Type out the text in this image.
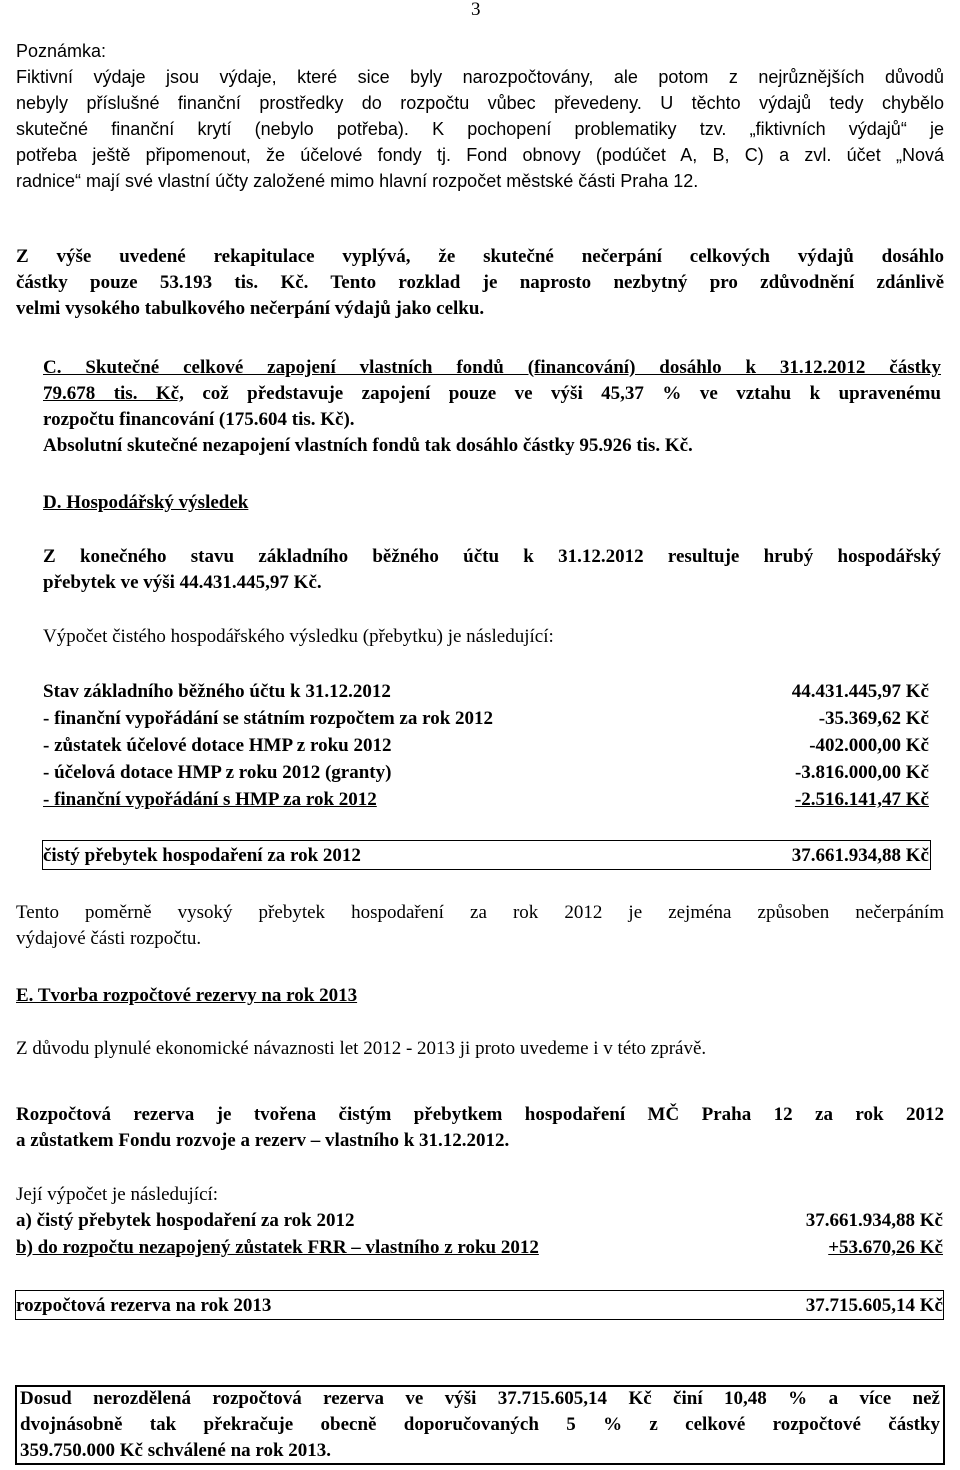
3
Poznámka:
Fiktivní výdaje jsou výdaje, které sice byly narozpočtovány, ale potom z nejrůznějších důvodů
nebyly příslušné finanční prostředky do rozpočtu vůbec převedeny. U těchto výdajů tedy chybělo
skutečné finanční krytí (nebylo potřeba). K pochopení problematiky tzv. „fiktivních výdajů“ je
potřeba ještě připomenout, že účelové fondy tj. Fond obnovy (podúčet A, B, C) a zvl. účet „Nová
radnice“ mají své vlastní účty založené mimo hlavní rozpočet městské části Praha 12.
Z výše uvedené rekapitulace vyplývá, že skutečné nečerpání celkových výdajů dosáhlo
částky pouze 53.193 tis. Kč. Tento rozklad je naprosto nezbytný pro zdůvodnění zdánlivě
velmi vysokého tabulkového nečerpání výdajů jako celku.
C. Skutečné celkové zapojení vlastních fondů (financování) dosáhlo k 31.12.2012 částky
79.678 tis. Kč, což představuje zapojení pouze ve výši 45,37 % ve vztahu k upravenému
rozpočtu financování (175.604 tis. Kč).
Absolutní skutečné nezapojení vlastních fondů tak dosáhlo částky 95.926 tis. Kč.
D. Hospodářský výsledek
Z konečného stavu základního běžného účtu k 31.12.2012 resultuje hrubý hospodářský
přebytek ve výši 44.431.445,97 Kč.
Výpočet čistého hospodářského výsledku (přebytku) je následující:
Stav základního běžného účtu k 31.12.2012	44.431.445,97 Kč
- finanční vypořádání se státním rozpočtem za rok 2012	-35.369,62 Kč
- zůstatek účelové dotace HMP z roku 2012	-402.000,00 Kč
- účelová dotace HMP z roku 2012 (granty)	-3.816.000,00 Kč
- finanční vypořádání s HMP za rok 2012	-2.516.141,47 Kč
čistý přebytek hospodaření za rok 2012	37.661.934,88 Kč
Tento poměrně vysoký přebytek hospodaření za rok 2012 je zejména způsoben nečerpáním
výdajové části rozpočtu.
E. Tvorba rozpočtové rezervy na rok 2013
Z důvodu plynulé ekonomické návaznosti let 2012 - 2013 ji proto uvedeme i v této zprávě.
Rozpočtová rezerva je tvořena čistým přebytkem hospodaření MČ Praha 12 za rok 2012
a zůstatkem Fondu rozvoje a rezerv – vlastního k 31.12.2012.
Její výpočet je následující:
a) čistý přebytek hospodaření za rok 2012	37.661.934,88 Kč
b) do rozpočtu nezapojený zůstatek FRR – vlastního z roku 2012	+53.670,26 Kč
rozpočtová rezerva na rok 2013	37.715.605,14 Kč
Dosud nerozdělená rozpočtová rezerva ve výši 37.715.605,14 Kč činí 10,48 % a více než
dvojnásobně tak překračuje obecně doporučovaných 5 % z celkové rozpočtové částky
359.750.000 Kč schválené na rok 2013.
